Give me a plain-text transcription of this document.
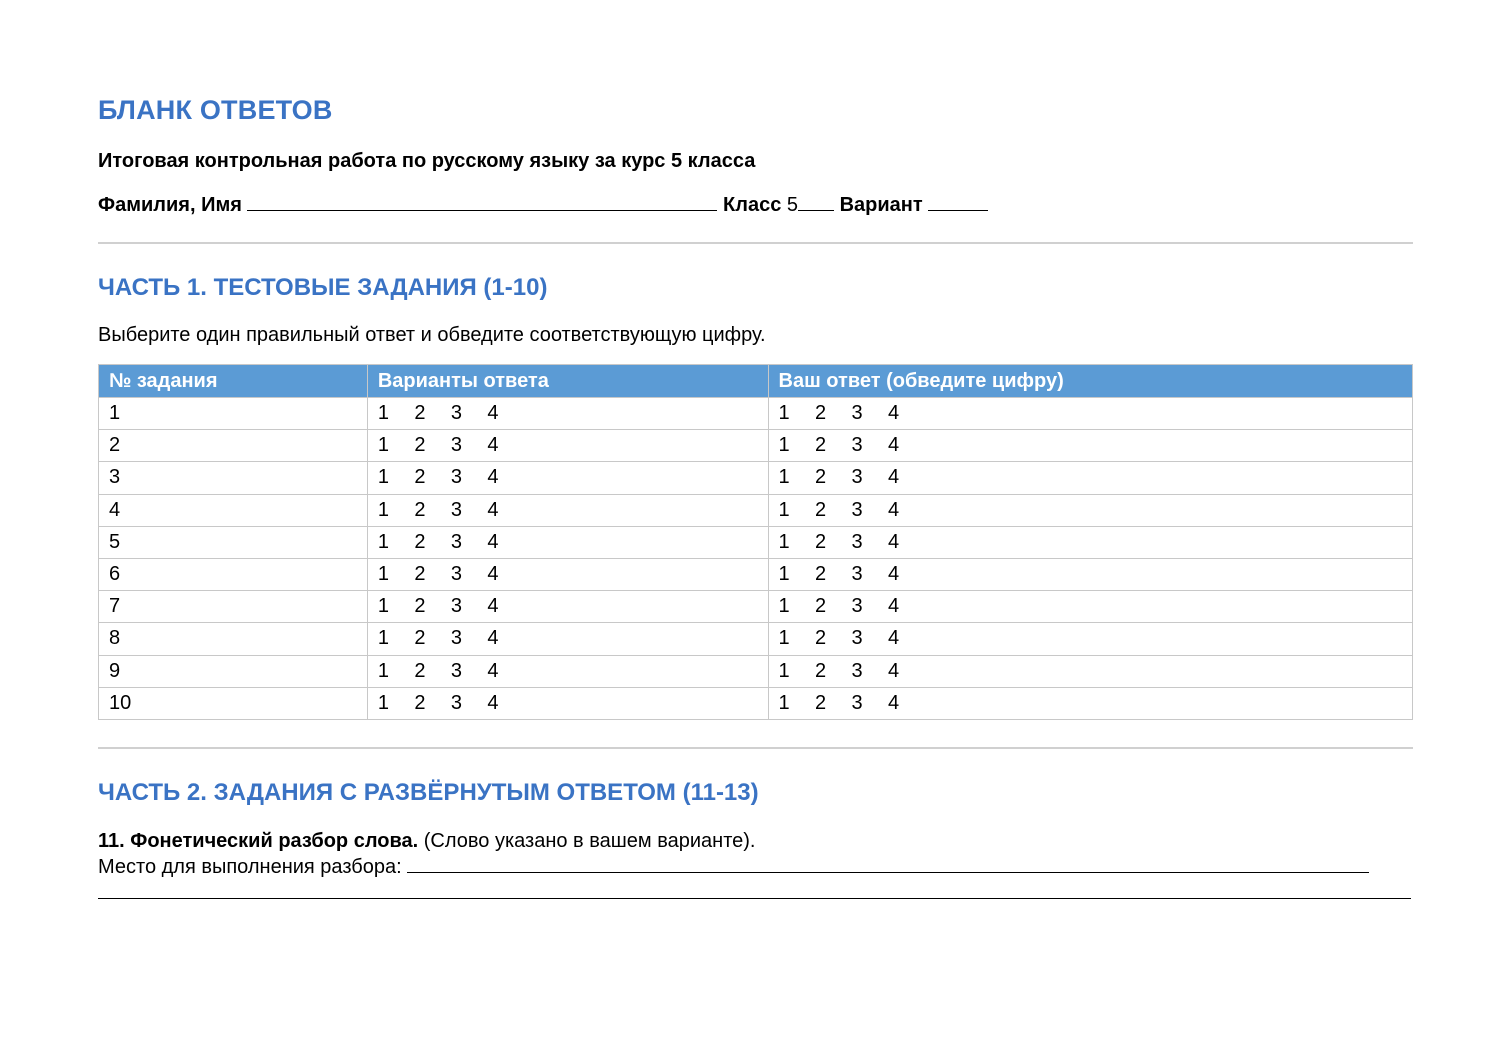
БЛАНК ОТВЕТОВ

Итоговая контрольная работа по русскому языку за курс 5 класса

Фамилия, Имя	Класс 5 Вариант

ЧАСТЬ 1. ТЕСТОВЫЕ ЗАДАНИЯ (1-10)

Выберите один правильный ответ и обведите соответствующую цифру.

№ задания	Варианты ответа	Ваш ответ (обведите цифру)
1	1 2 3 4	1 2 3 4
2	1 2 3 4	1 2 3 4
3	1 2 3 4	1 2 3 4
4	1 2 3 4	1 2 3 4
5	1 2 3 4	1 2 3 4
6	1 2 3 4	1 2 3 4
7	1 2 3 4	1 2 3 4
8	1 2 3 4	1 2 3 4
9	1 2 3 4	1 2 3 4
10	1 2 3 4	1 2 3 4
ЧАСТЬ 2. ЗАДАНИЯ С РАЗВЁРНУТЫМ ОТВЕТОМ (11-13)
11. Фонетический разбор слова. (Слово указано в вашем варианте).
Место для выполнения разбора:
